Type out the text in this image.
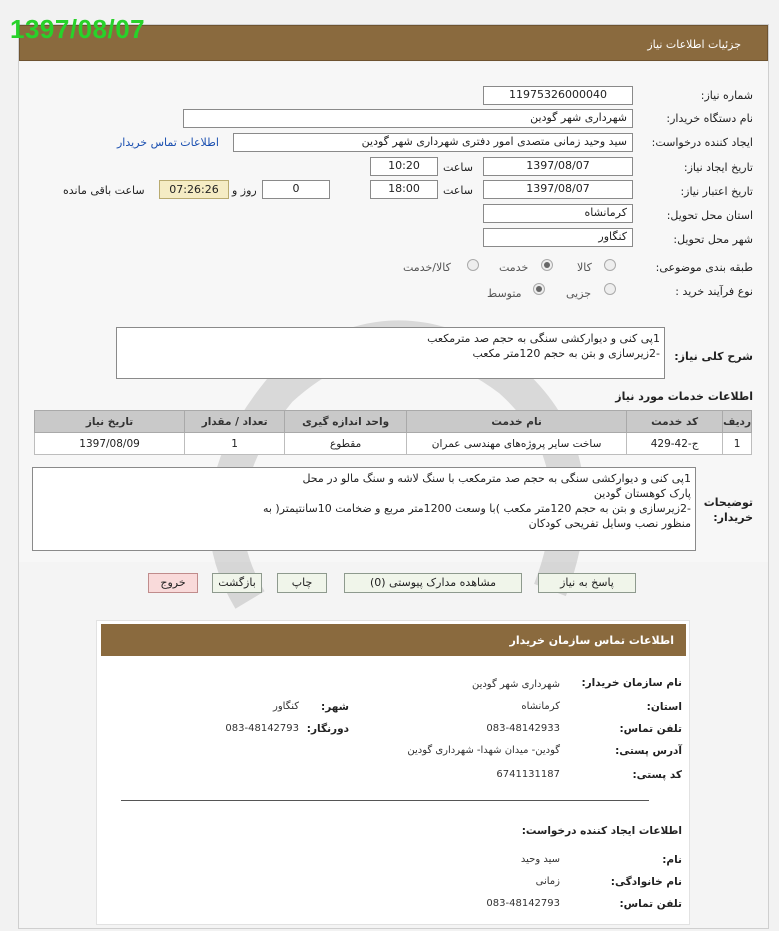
جزئیات اطلاعات نیاز
1397/08/07
شماره نیاز:
11975326000040
نام دستگاه خریدار:
شهرداری شهر گودین
ایجاد کننده درخواست:
سید وحید زمانی متصدی امور دفتری شهرداری شهر گودین
اطلاعات تماس خریدار
تاریخ ایجاد نیاز:
1397/08/07
ساعت
10:20
تاریخ اعتبار نیاز:
1397/08/07
ساعت
18:00
0
روز و
07:26:26
ساعت باقی مانده
استان محل تحویل:
کرمانشاه
شهر محل تحویل:
کنگاور
طبقه بندی موضوعی:
کالا
خدمت
کالا/خدمت
نوع فرآیند خرید :
جزیی
متوسط
شرح کلی نیاز:
1پی کنی و دیوارکشی سنگی به حجم صد مترمکعب
-2زیرسازی و بتن به حجم 120متر مکعب
اطلاعات خدمات مورد نیاز
ردیف	کد خدمت	نام خدمت	واحد اندازه گیری	تعداد / مقدار	تاریخ نیاز
1	ج-42-429	ساخت سایر پروژه‌های مهندسی عمران	مقطوع	1	1397/08/09
توضیحات خریدار:
1پی کنی و دیوارکشی سنگی به حجم صد مترمکعب با سنگ لاشه و سنگ مالو در محل
پارک کوهستان گودین
-2زیرسازی و بتن به حجم 120متر مکعب )با وسعت 1200متر مربع و ضخامت 10سانتیمتر( به
منظور نصب وسایل تفریحی کودکان
پاسخ به نیاز
مشاهده مدارک پیوستی (0)
چاپ
بازگشت
خروج
اطلاعات تماس سازمان خریدار
نام سازمان خریدار:
شهرداری شهر گودین
استان:
کرمانشاه
شهر:
کنگاور
تلفن تماس:
083-48142933
دورنگار:
083-48142793
آدرس پستی:
گودین- میدان شهدا- شهرداری گودین
کد پستی:
6741131187
اطلاعات ایجاد کننده درخواست:
نام:
سید وحید
نام خانوادگی:
زمانی
تلفن تماس:
083-48142793
